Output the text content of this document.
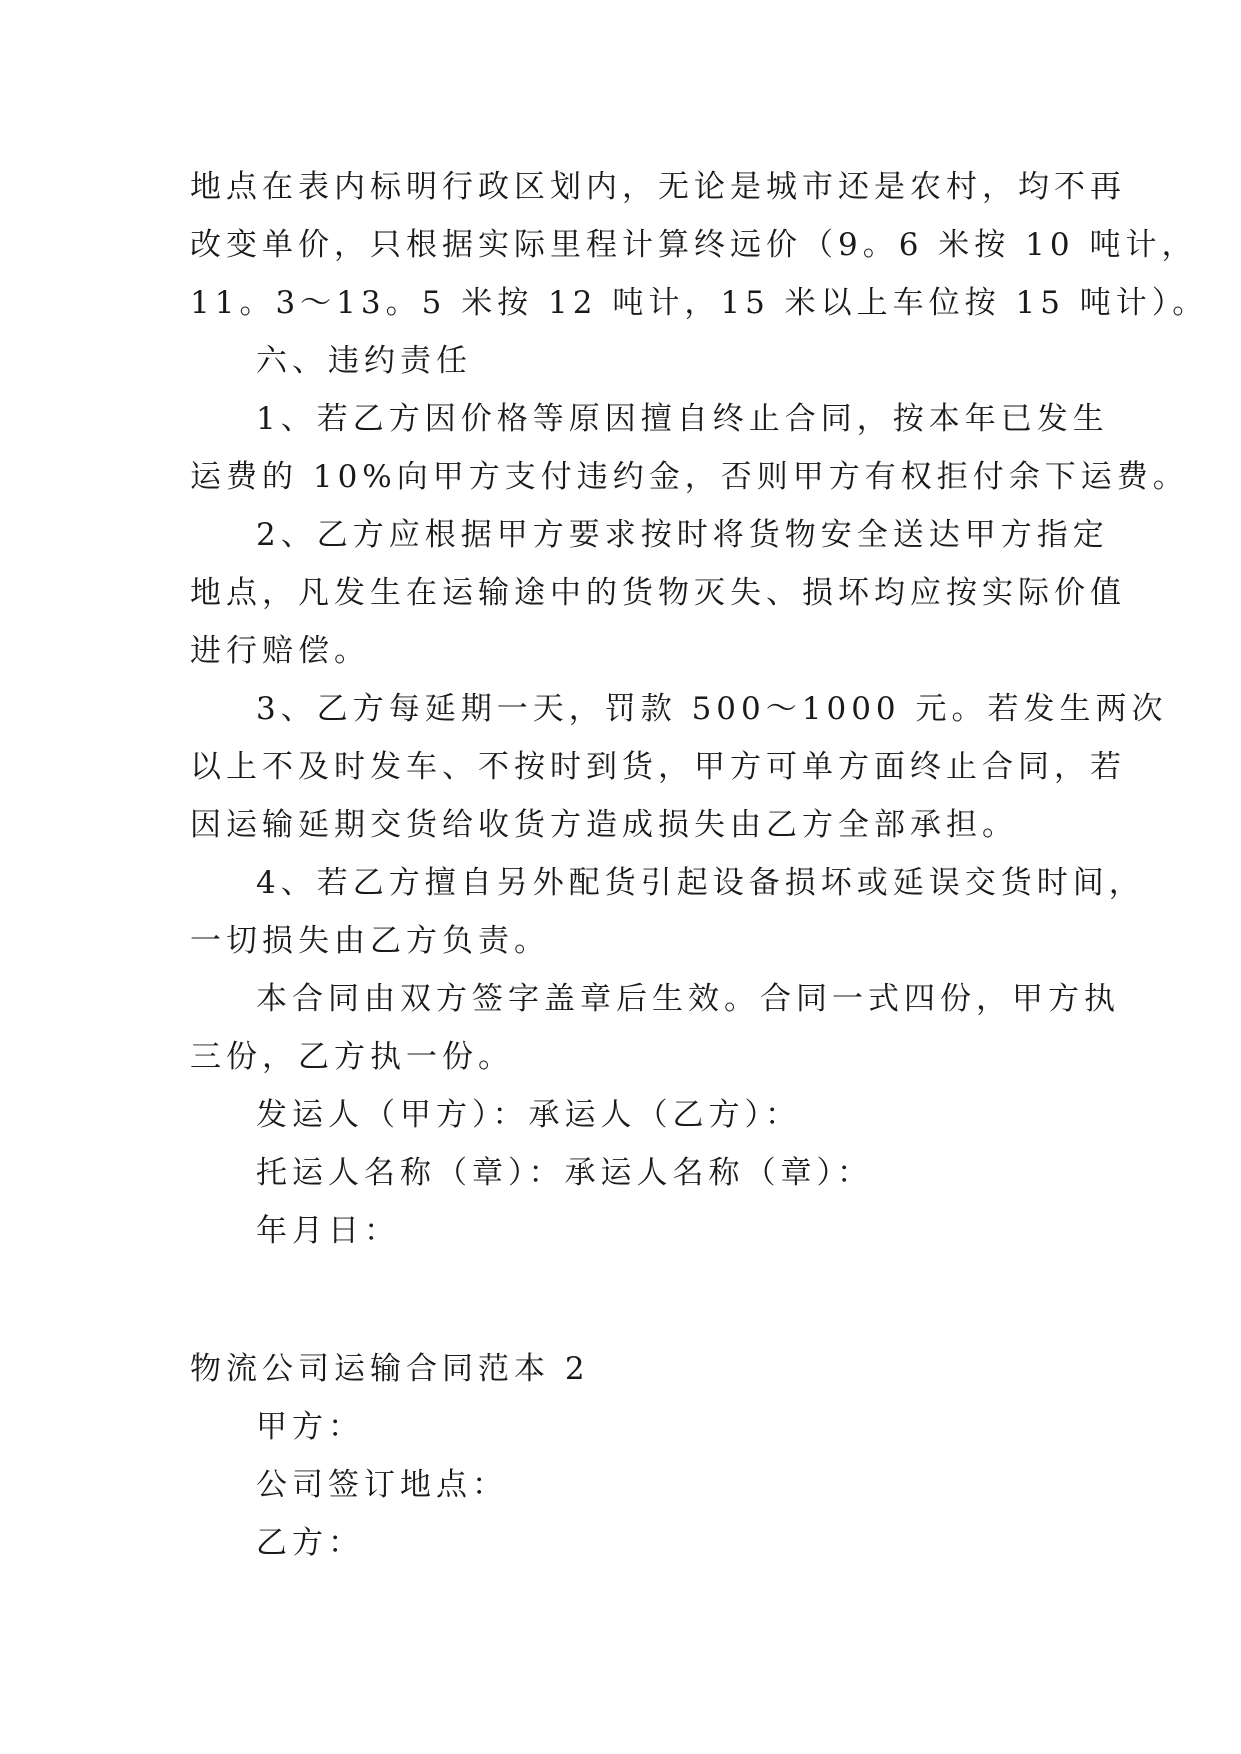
地点在表内标明行政区划内，无论是城市还是农村，均不再
改变单价，只根据实际里程计算终远价（9。6 米按 10 吨计，
11。3～13。5 米按 12 吨计，15 米以上车位按 15 吨计）。
六、违约责任
1、若乙方因价格等原因擅自终止合同，按本年已发生
运费的 10%向甲方支付违约金，否则甲方有权拒付余下运费。
2、乙方应根据甲方要求按时将货物安全送达甲方指定
地点，凡发生在运输途中的货物灭失、损坏均应按实际价值
进行赔偿。
3、乙方每延期一天，罚款 500～1000 元。若发生两次
以上不及时发车、不按时到货，甲方可单方面终止合同，若
因运输延期交货给收货方造成损失由乙方全部承担。
4、若乙方擅自另外配货引起设备损坏或延误交货时间，
一切损失由乙方负责。
本合同由双方签字盖章后生效。合同一式四份，甲方执
三份，乙方执一份。
发运人（甲方）：承运人（乙方）：
托运人名称（章）：承运人名称（章）：
年月日：
物流公司运输合同范本 2
甲方：
公司签订地点：
乙方：
